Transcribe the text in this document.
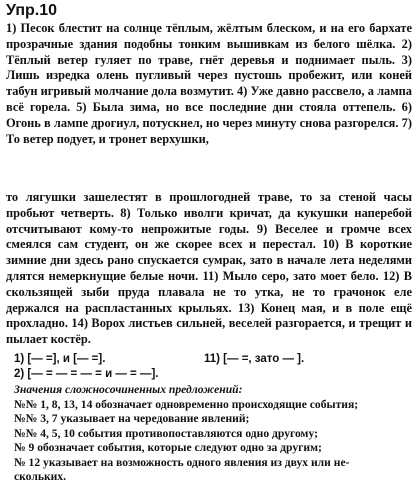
Упр.10

1) Песок блестит на солнце тёплым, жёлтым блеском, и на его бархате прозрачные здания подобны тонким вышивкам из белого шёлка. 2) Тёплый ветер гуляет по траве, гнёт деревья и поднимает пыль. 3) Лишь изредка олень пугливый через пустошь пробежит, или коней табун игривый молчание дола возмутит. 4) Уже давно рассвело, а лампа всё горела. 5) Была зима, но все последние дни стояла оттепель. 6) Огонь в лампе дрогнул, потускнел, но через минуту снова разгорелся. 7) То ветер подует, и тронет верхушки,

то лягушки зашелестят в прошлогодней траве, то за стеной часы пробьют четверть. 8) Только иволги кричат, да кукушки наперебой отсчитывают кому-то непрожитые годы. 9) Веселее и громче всех смеялся сам студент, он же скорее всех и перестал. 10) В короткие зимние дни здесь рано спускается сумрак, зато в начале лета неделями длятся немеркнущие белые ночи. 11) Мыло серо, зато моет бело. 12) В скользящей зыби пруда плавала не то утка, не то грачонок еле держался на распластанных крыльях. 13) Конец мая, и в поле ещё прохладно. 14) Ворох листьев сильней, веселей разгорается, и трещит и пылает костёр.

1) [— =], и [— =].	11) [— =, зато — ].
2) [— = — = — = и — = —].
Значения сложносочиненных предложений:
№№ 1, 8, 13, 14 обозначает одновременно происходящие события;
№№ 3, 7 указывает на чередование явлений;
№№ 4, 5, 10 события противопоставляются одно другому;
№ 9 обозначает события, которые следуют одно за другим;
№ 12 указывает на возможность одного явления из двух или не-
скольких.
